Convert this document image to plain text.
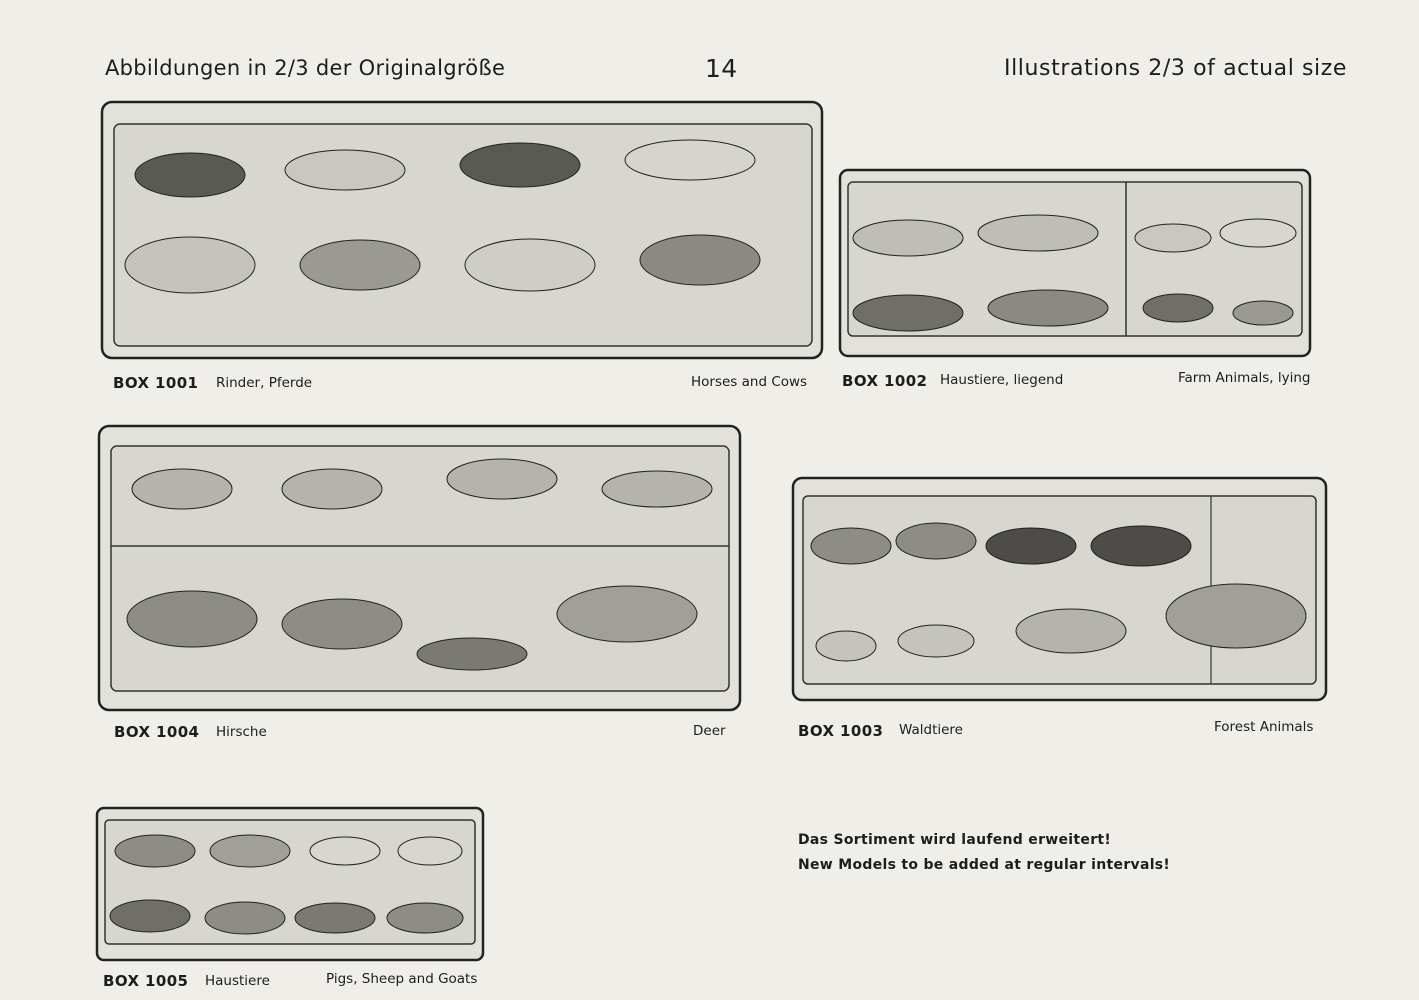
Abbildungen in 2/3 der Originalgröße	14	Illustrations 2/3 of actual size
BOX 1001 Rinder, Pferde	Horses and Cows BOX 1002 Haustiere, liegend	Farm Animals, lying
BOX 1004 Hirsche	Deer	BOX 1003 Waldtiere	Forest Animals
BOX 1005 Haustiere	Pigs, Sheep and Goats
Das Sortiment wird laufend erweitert!
New Models to be added at regular intervals!
